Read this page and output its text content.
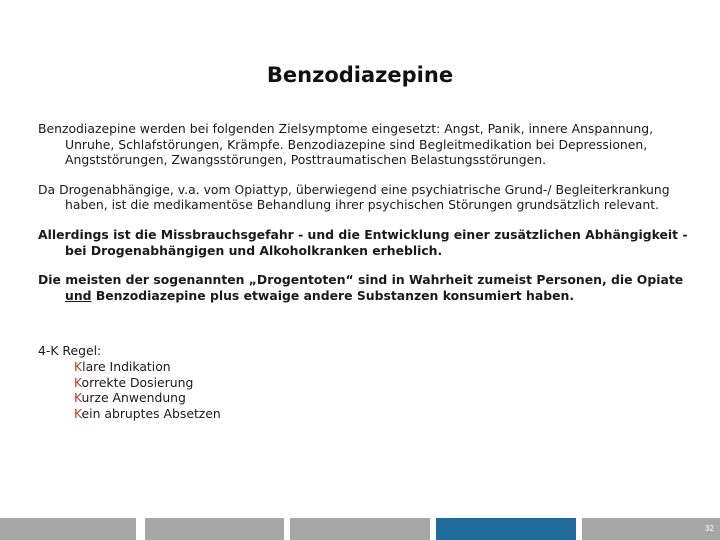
Benzodiazepine

Benzodiazepine werden bei folgenden Zielsymptome eingesetzt: Angst, Panik, innere Anspannung, Unruhe, Schlafstörungen, Krämpfe. Benzodiazepine sind Begleitmedikation bei Depressionen, Angststörungen, Zwangsstörungen, Posttraumatischen Belastungsstörungen.

Da Drogenabhängige, v.a. vom Opiattyp, überwiegend eine psychiatrische Grund-/ Begleiterkrankung haben, ist die medikamentöse Behandlung ihrer psychischen Störungen grundsätzlich relevant.

Allerdings ist die Missbrauchsgefahr - und die Entwicklung einer zusätzlichen Abhängigkeit - bei Drogenabhängigen und Alkoholkranken erheblich.

Die meisten der sogenannten „Drogentoten“ sind in Wahrheit zumeist Personen, die Opiate und Benzodiazepine plus etwaige andere Substanzen konsumiert haben.

4-K Regel:

Klare Indikation
Korrekte Dosierung
Kurze Anwendung
Kein abruptes Absetzen
32
